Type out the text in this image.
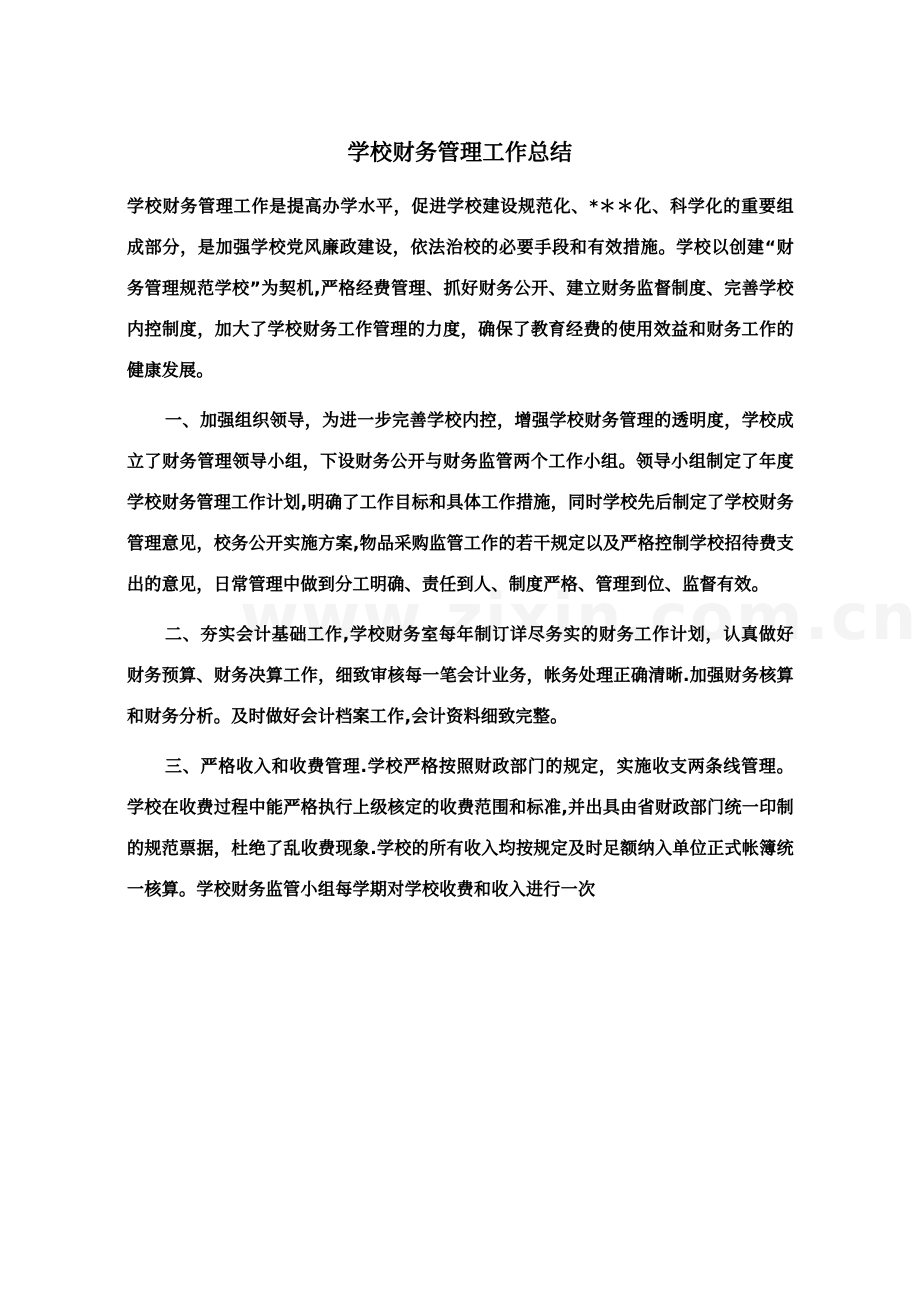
学校财务管理工作总结

学校财务管理工作是提高办学水平，促进学校建设规范化、*＊＊化、科学化的重要组成部分，是加强学校党风廉政建设，依法治校的必要手段和有效措施。学校以创建“财务管理规范学校”为契机,严格经费管理、抓好财务公开、建立财务监督制度、完善学校内控制度，加大了学校财务工作管理的力度，确保了教育经费的使用效益和财务工作的健康发展。

一、加强组织领导，为进一步完善学校内控，增强学校财务管理的透明度，学校成立了财务管理领导小组，下设财务公开与财务监管两个工作小组。领导小组制定了年度学校财务管理工作计划,明确了工作目标和具体工作措施，同时学校先后制定了学校财务管理意见，校务公开实施方案,物品采购监管工作的若干规定以及严格控制学校招待费支出的意见，日常管理中做到分工明确、责任到人、制度严格、管理到位、监督有效。

二、夯实会计基础工作,学校财务室每年制订详尽务实的财务工作计划，认真做好财务预算、财务决算工作，细致审核每一笔会计业务，帐务处理正确清晰.加强财务核算和财务分析。及时做好会计档案工作,会计资料细致完整。

三、严格收入和收费管理.学校严格按照财政部门的规定，实施收支两条线管理。学校在收费过程中能严格执行上级核定的收费范围和标准,并出具由省财政部门统一印制的规范票据，杜绝了乱收费现象.学校的所有收入均按规定及时足额纳入单位正式帐簿统一核算。学校财务监管小组每学期对学校收费和收入进行一次
